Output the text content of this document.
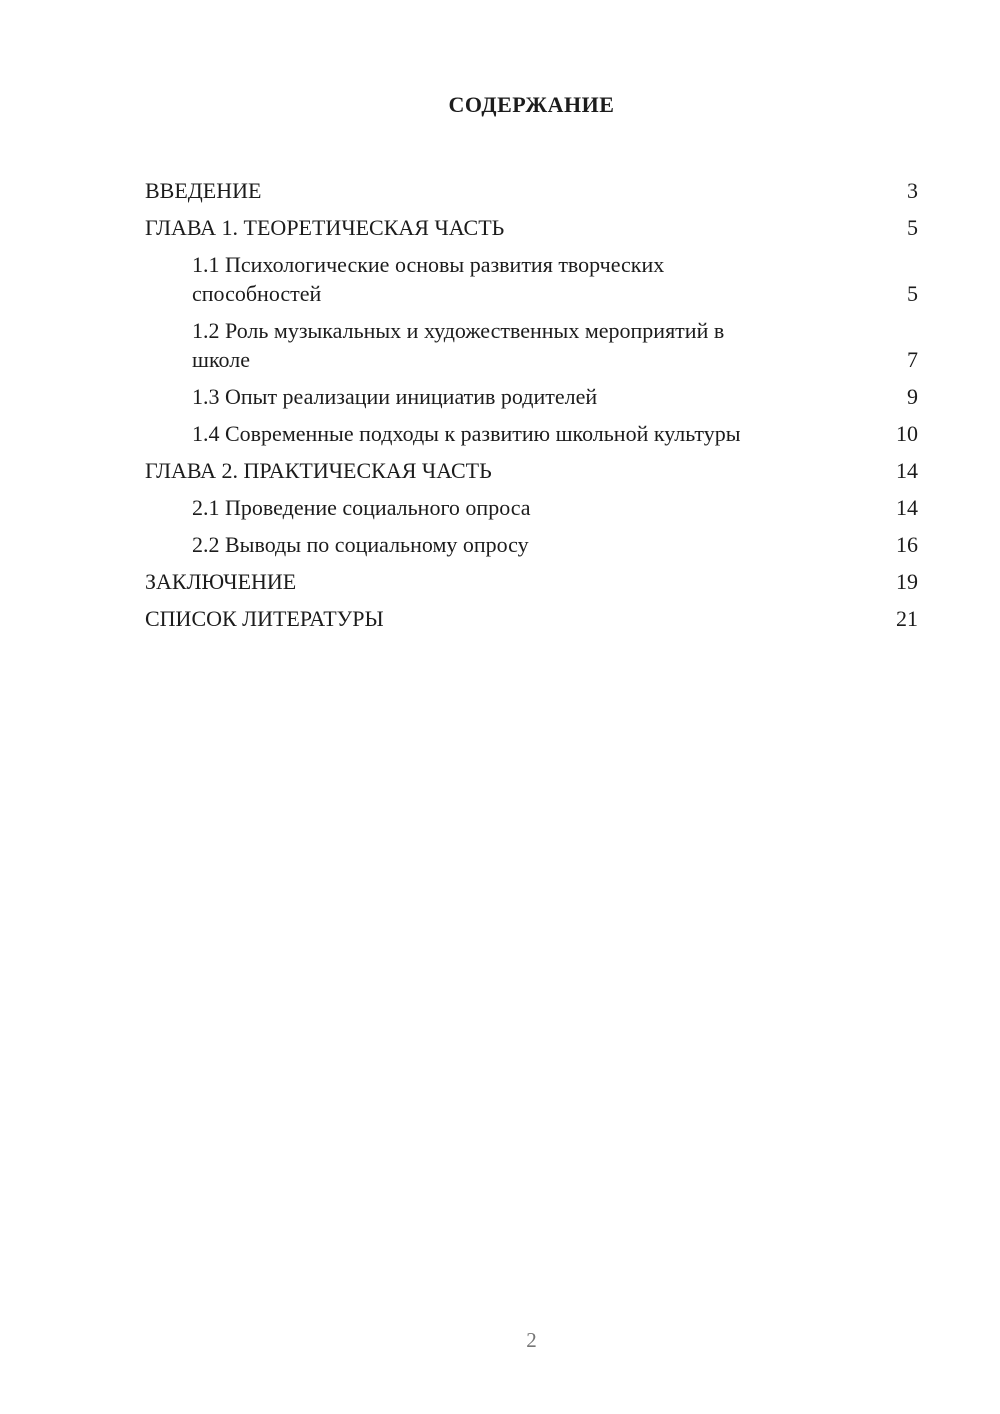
СОДЕРЖАНИЕ
ВВЕДЕНИЕ	3
ГЛАВА 1. ТЕОРЕТИЧЕСКАЯ ЧАСТЬ	5
1.1 Психологические основы развития творческих
способностей	5
1.2 Роль музыкальных и художественных мероприятий в
школе	7
1.3 Опыт реализации инициатив родителей	9
1.4 Современные подходы к развитию школьной культуры	10
ГЛАВА 2. ПРАКТИЧЕСКАЯ ЧАСТЬ	14
2.1 Проведение социального опроса	14
2.2 Выводы по социальному опросу	16
ЗАКЛЮЧЕНИЕ	19
СПИСОК ЛИТЕРАТУРЫ	21
2
